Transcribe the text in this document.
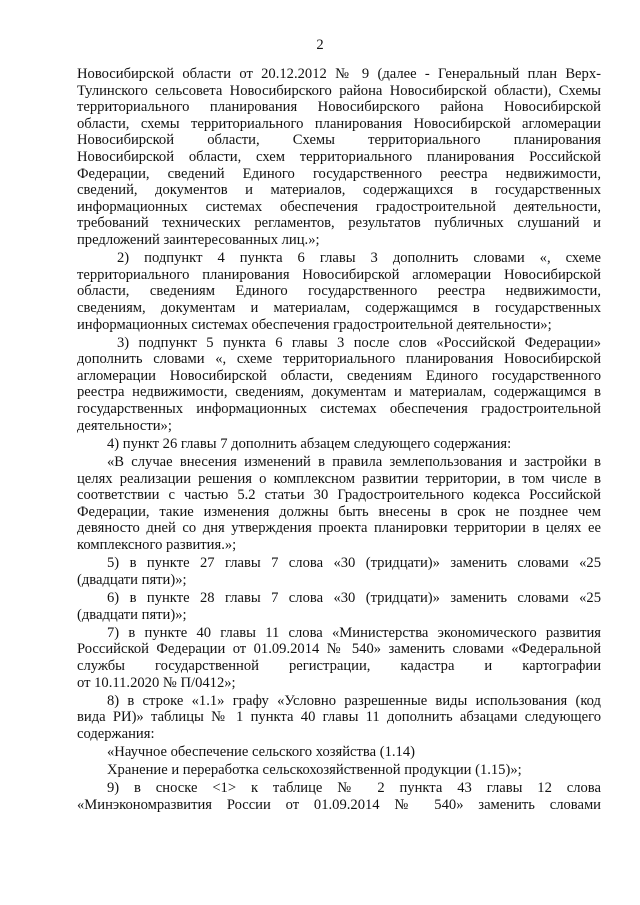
2
Новосибирской области от 20.12.2012 № 9 (далее - Генеральный план Верх-
Тулинского сельсовета Новосибирского района Новосибирской области), Схемы
территориального планирования Новосибирского района Новосибирской
области, схемы территориального планирования Новосибирской агломерации
Новосибирской области, Схемы территориального планирования
Новосибирской области, схем территориального планирования Российской
Федерации, сведений Единого государственного реестра недвижимости,
сведений, документов и материалов, содержащихся в государственных
информационных системах обеспечения градостроительной деятельности,
требований технических регламентов, результатов публичных слушаний и
предложений заинтересованных лиц.»;
2) подпункт 4 пункта 6 главы 3 дополнить словами «, схеме
территориального планирования Новосибирской агломерации Новосибирской
области, сведениям Единого государственного реестра недвижимости,
сведениям, документам и материалам, содержащимся в государственных
информационных системах обеспечения градостроительной деятельности»;
3) подпункт 5 пункта 6 главы 3 после слов «Российской Федерации»
дополнить словами «, схеме территориального планирования Новосибирской
агломерации Новосибирской области, сведениям Единого государственного
реестра недвижимости, сведениям, документам и материалам, содержащимся в
государственных информационных системах обеспечения градостроительной
деятельности»;
4) пункт 26 главы 7 дополнить абзацем следующего содержания:
«В случае внесения изменений в правила землепользования и застройки в
целях реализации решения о комплексном развитии территории, в том числе в
соответствии с частью 5.2 статьи 30 Градостроительного кодекса Российской
Федерации, такие изменения должны быть внесены в срок не позднее чем
девяносто дней со дня утверждения проекта планировки территории в целях ее
комплексного развития.»;
5) в пункте 27 главы 7 слова «30 (тридцати)» заменить словами «25
(двадцати пяти)»;
6) в пункте 28 главы 7 слова «30 (тридцати)» заменить словами «25
(двадцати пяти)»;
7) в пункте 40 главы 11 слова «Министерства экономического развития
Российской Федерации от 01.09.2014 № 540» заменить словами «Федеральной
службы государственной регистрации, кадастра и картографии
от 10.11.2020 № П/0412»;
8) в строке «1.1» графу «Условно разрешенные виды использования (код
вида РИ)» таблицы № 1 пункта 40 главы 11 дополнить абзацами следующего
содержания:
«Научное обеспечение сельского хозяйства (1.14)
Хранение и переработка сельскохозяйственной продукции (1.15)»;
9) в сноске <1> к таблице № 2 пункта 43 главы 12 слова
«Минэкономразвития России от 01.09.2014 № 540» заменить словами
